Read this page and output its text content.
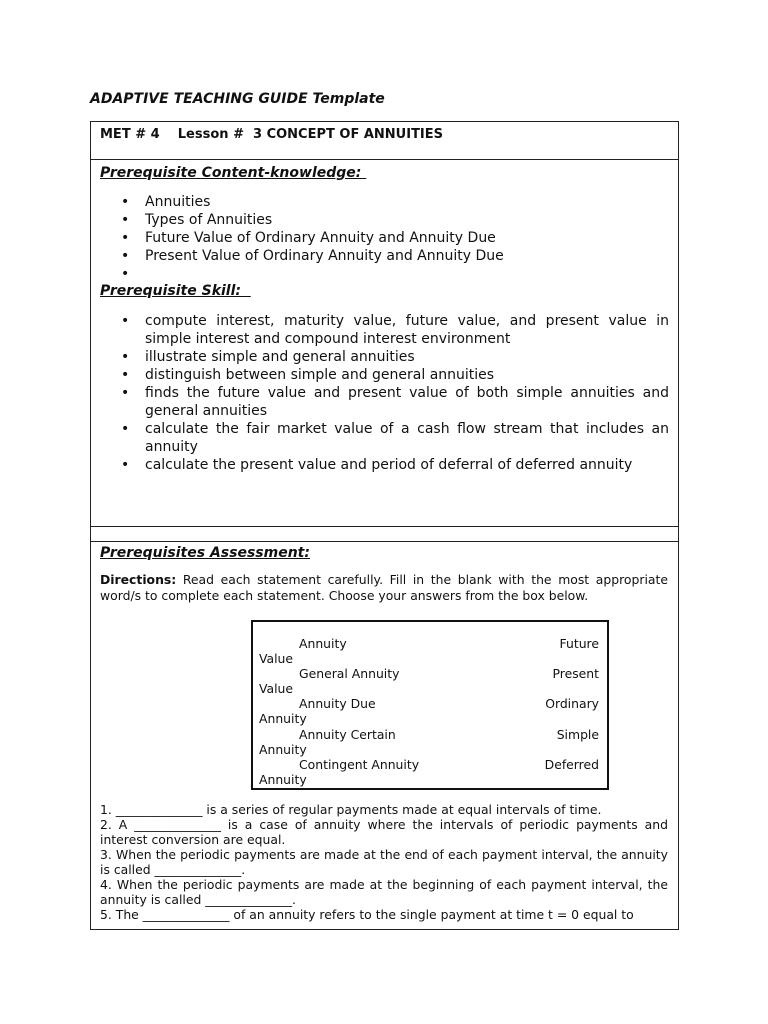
ADAPTIVE TEACHING GUIDE Template
MET # 4    Lesson #  3 CONCEPT OF ANNUITIES
Prerequisite Content-knowledge:
• Annuities
• Types of Annuities
• Future Value of Ordinary Annuity and Annuity Due
• Present Value of Ordinary Annuity and Annuity Due
•

Prerequisite Skill:
• compute interest, maturity value, future value, and present value in simple interest and compound interest environment
• illustrate simple and general annuities
• distinguish between simple and general annuities
• finds the future value and present value of both simple annuities and general annuities
• calculate the fair market value of a cash flow stream that includes an annuity
• calculate the present value and period of deferral of deferred annuity
Prerequisites Assessment:
Directions: Read each statement carefully. Fill in the blank with the most appropriate word/s to complete each statement. Choose your answers from the box below.
Annuity	Future
Value
General Annuity	Present
Value
Annuity Due	Ordinary
Annuity
Annuity Certain	Simple
Annuity
Contingent Annuity	Deferred
Annuity

1. ______________ is a series of regular payments made at equal intervals of time.

2. A ______________ is a case of annuity where the intervals of periodic payments and interest conversion are equal.

3. When the periodic payments are made at the end of each payment interval, the annuity is called ______________.

4. When the periodic payments are made at the beginning of each payment interval, the annuity is called ______________.

5. The ______________ of an annuity refers to the single payment at time t = 0 equal to
